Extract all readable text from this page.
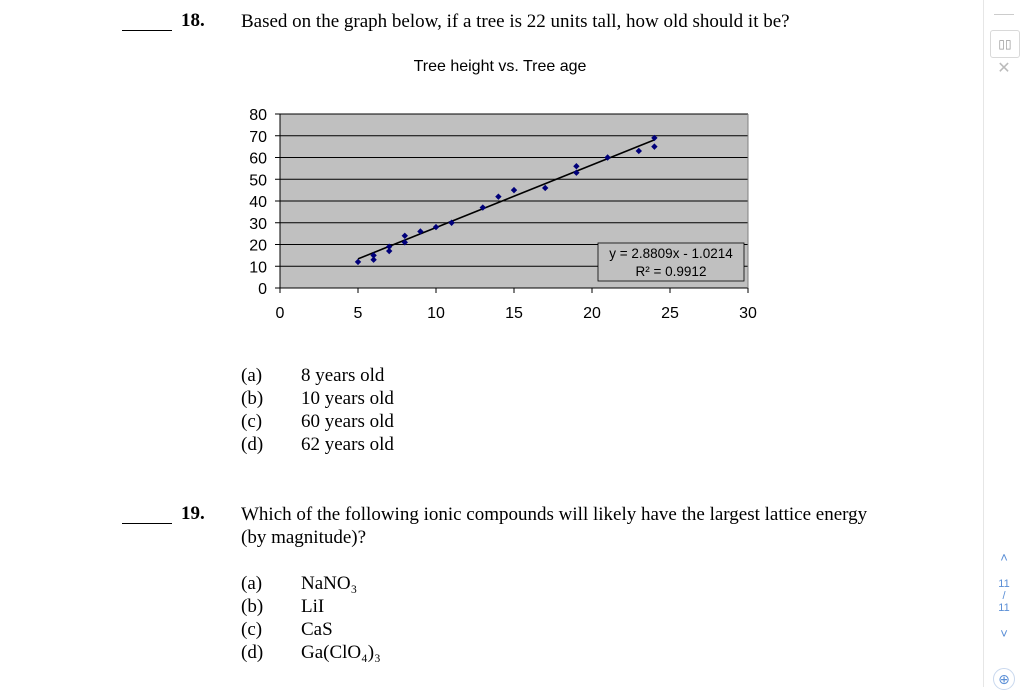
18. Based on the graph below, if a tree is 22 units tall, how old should it be?
Tree height vs. Tree age
0
10
20
30
40
50
60
70
80
0	5	10	15	20	25	30
y = 2.8809x - 1.0214
R² = 0.9912
(a)	8 years old
(b)	10 years old
(c)	60 years old
(d)	62 years old
19. Which of the following ionic compounds will likely have the largest lattice energy
(by magnitude)?
(a)	NaNO₃
(b)	LiI
(c)	CaS
(d)	Ga(ClO₄)₃
▯▯
✕
˄
11
/
11
˅
⊕
